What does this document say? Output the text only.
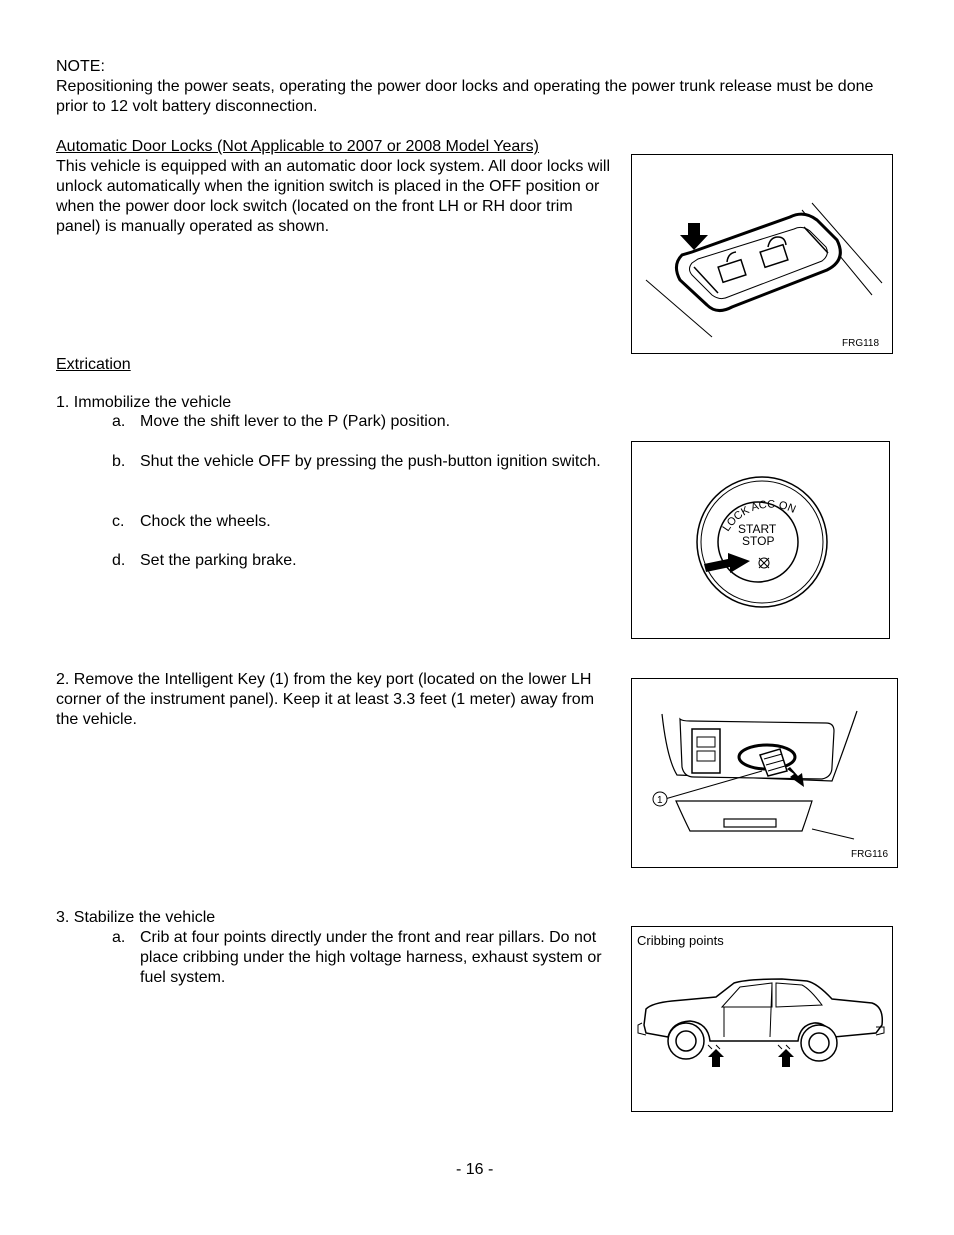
NOTE:
Repositioning the power seats, operating the power door locks and operating the power trunk release must be done prior to 12 volt battery disconnection.
Automatic Door Locks (Not Applicable to 2007 or 2008 Model Years)
This vehicle is equipped with an automatic door lock system. All door locks will unlock automatically when the ignition switch is placed in the OFF position or when the power door lock switch (located on the front LH or RH door trim panel) is manually operated as shown.
FRG118
Extrication
1. Immobilize the vehicle
a. Move the shift lever to the P (Park) position.
b. Shut the vehicle OFF by pressing the push-button ignition switch.
c. Chock the wheels.
d. Set the parking brake.
LOCK ACC ON
START
STOP
2. Remove the Intelligent Key (1) from the key port (located on the lower LH corner of the instrument panel). Keep it at least 3.3 feet (1 meter) away from the vehicle.
1
FRG116
3. Stabilize the vehicle
a. Crib at four points directly under the front and rear pillars. Do not place cribbing under the high voltage harness, exhaust system or fuel system.
Cribbing points
- 16 -
